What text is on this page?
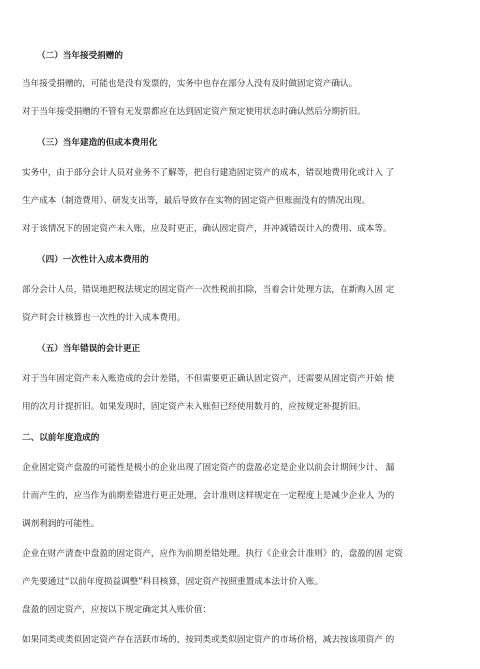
（二）当年接受捐赠的
当年接受捐赠的，可能也是没有发票的，实务中也存在部分人没有及时做固定资产确认。
对于当年接受捐赠的不管有无发票都应在达到固定资产预定使用状态时确认然后分期折旧。
（三）当年建造的但成本费用化
实务中，由于部分会计人员对业务不了解等，把自行建造固定资产的成本，错误地费用化或计入 了
生产成本（制造费用）、研发支出等，最后导致存在实物的固定资产但账面没有的情况出现。
对于该情况下的固定资产未入账，应及时更正，确认固定资产，并冲减错误计入的费用、成本等。
（四）一次性计入成本费用的
部分会计人员，错误地把税法规定的固定资产一次性税前扣除，当着会计处理方法，在新购入固 定
资产时会计核算也一次性的计入成本费用。
（五）当年错误的会计更正
对于当年固定资产未入账造成的会计差错，不但需要更正确认固定资产，还需要从固定资产开始 使
用的次月计提折旧。如果发现时，固定资产未入账但已经使用数月的，应按规定补提折旧。
二、以前年度造成的
企业固定资产盘盈的可能性是极小的企业出现了固定资产的盘盈必定是企业以前会计期间少计、 漏
计而产生的，应当作为前期差错进行更正处理，会计准则这样规定在一定程度上是减少企业人 为的
调剂利润的可能性。
企业在财产清查中盘盈的固定资产，应作为前期差错处理。执行《企业会计准则》的，盘盈的固 定资
产先要通过“以前年度损益调整”科目核算，固定资产按照重置成本法计价入账。
盘盈的固定资产，应按以下规定确定其入账价值：
如果同类或类似固定资产存在活跃市场的，按同类或类似固定资产的市场价格，减去按该项资产 的
